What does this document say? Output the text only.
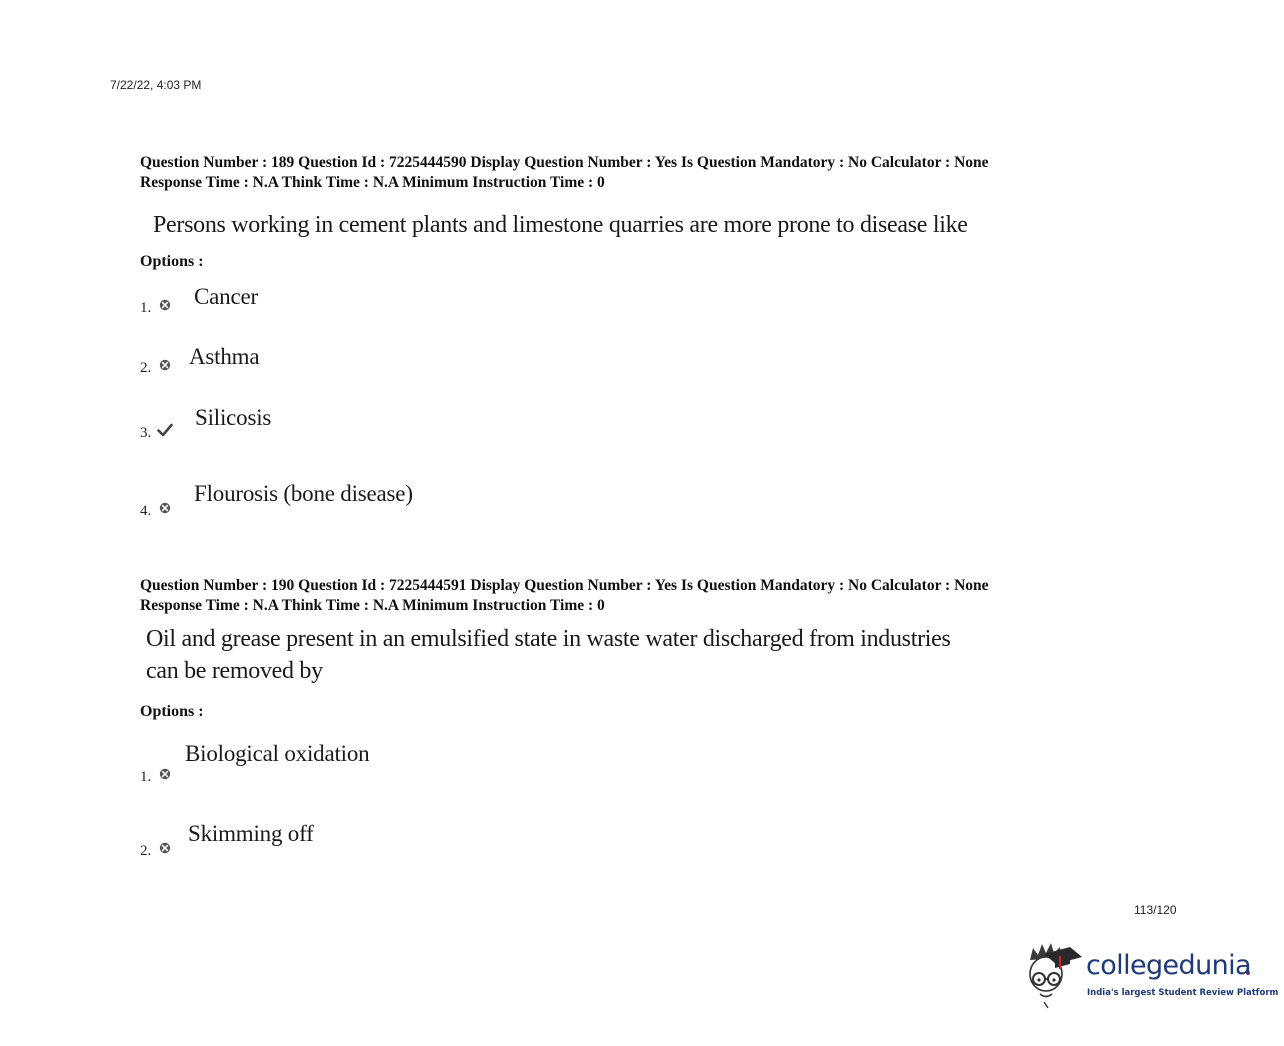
7/22/22, 4:03 PM
Question Number : 189 Question Id : 7225444590 Display Question Number : Yes Is Question Mandatory : No Calculator : None
Response Time : N.A Think Time : N.A Minimum Instruction Time : 0
Persons working in cement plants and limestone quarries are more prone to disease like
Options :
1. Cancer
2. Asthma
3.
Silicosis
4.
Flourosis (bone disease)
Question Number : 190 Question Id : 7225444591 Display Question Number : Yes Is Question Mandatory : No Calculator : None
Response Time : N.A Think Time : N.A Minimum Instruction Time : 0
Oil and grease present in an emulsified state in waste water discharged from industries
can be removed by
Options :
1.
Biological oxidation
2.
Skimming off
113/120
collegedunia
India's largest Student Review Platform
